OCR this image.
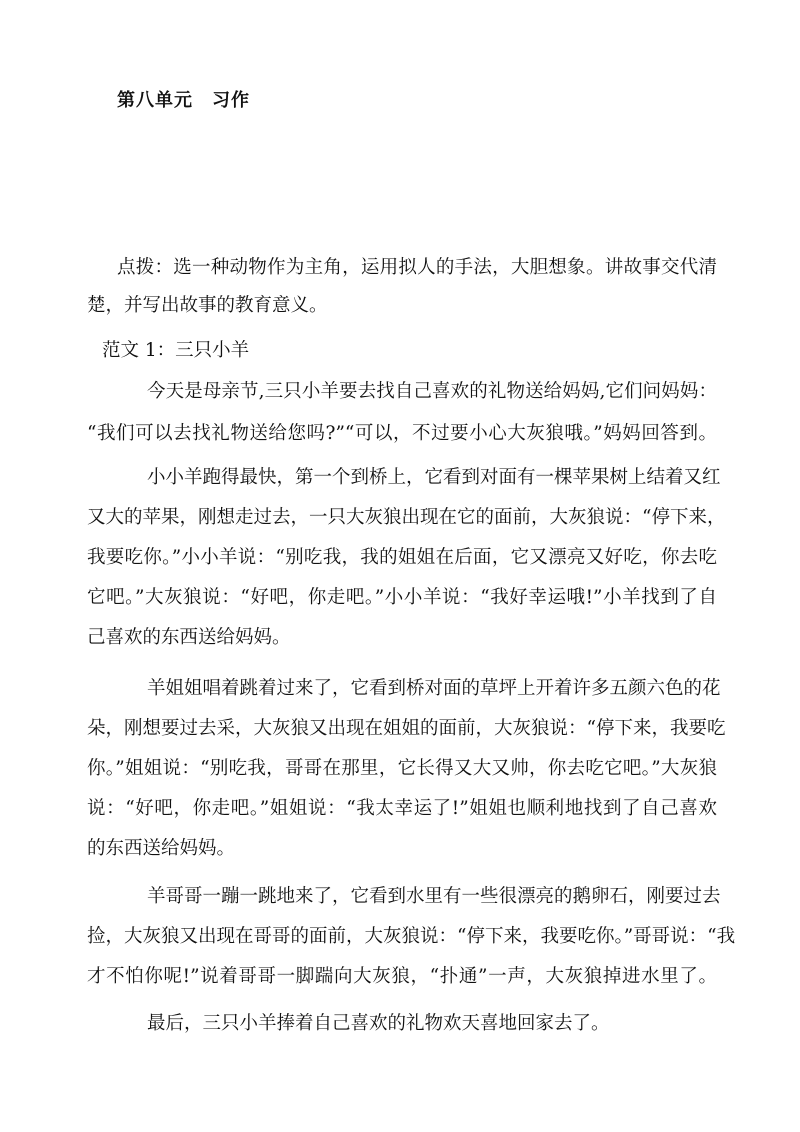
第八单元　习作
点拨：选一种动物作为主角，运用拟人的手法，大胆想象。讲故事交代清
楚，并写出故事的教育意义。
范文 1：三只小羊
今天是母亲节,三只小羊要去找自己喜欢的礼物送给妈妈,它们问妈妈：
“我们可以去找礼物送给您吗?”“可以，不过要小心大灰狼哦。”妈妈回答到。
小小羊跑得最快，第一个到桥上，它看到对面有一棵苹果树上结着又红
又大的苹果，刚想走过去，一只大灰狼出现在它的面前，大灰狼说：“停下来，
我要吃你。”小小羊说：“别吃我，我的姐姐在后面，它又漂亮又好吃，你去吃
它吧。”大灰狼说：“好吧，你走吧。”小小羊说：“我好幸运哦!”小羊找到了自
己喜欢的东西送给妈妈。
羊姐姐唱着跳着过来了，它看到桥对面的草坪上开着许多五颜六色的花
朵，刚想要过去采，大灰狼又出现在姐姐的面前，大灰狼说：“停下来，我要吃
你。”姐姐说：“别吃我，哥哥在那里，它长得又大又帅，你去吃它吧。”大灰狼
说：“好吧，你走吧。”姐姐说：“我太幸运了!”姐姐也顺利地找到了自己喜欢
的东西送给妈妈。
羊哥哥一蹦一跳地来了，它看到水里有一些很漂亮的鹅卵石，刚要过去
捡，大灰狼又出现在哥哥的面前，大灰狼说：“停下来，我要吃你。”哥哥说：“我
才不怕你呢!”说着哥哥一脚踹向大灰狼，“扑通”一声，大灰狼掉进水里了。
最后，三只小羊捧着自己喜欢的礼物欢天喜地回家去了。
